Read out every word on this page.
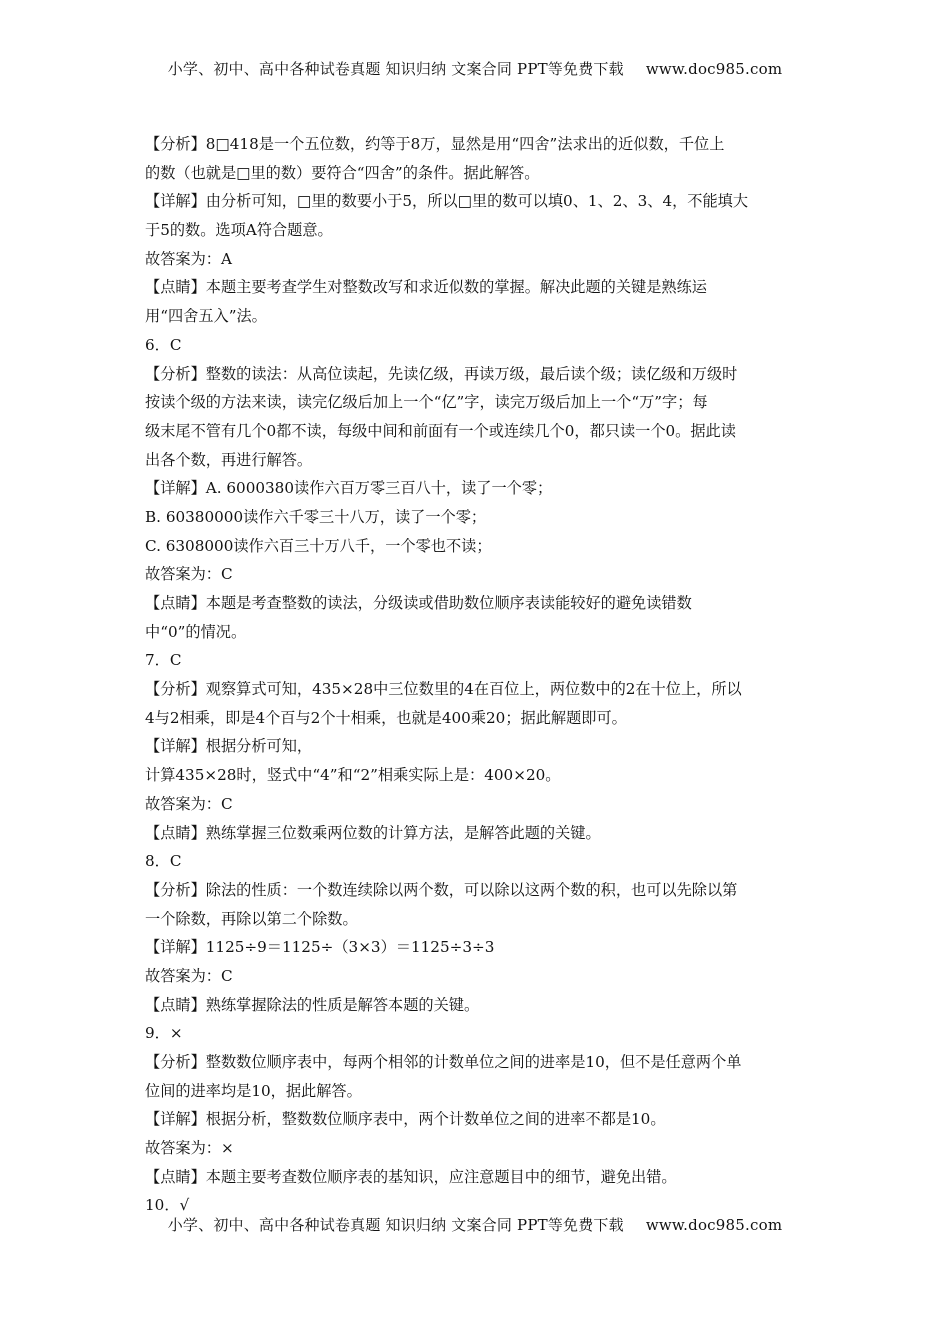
小学、初中、高中各种试卷真题 知识归纳 文案合同 PPT等免费下载 www.doc985.com
【分析】8□418是一个五位数，约等于8万，显然是用“四舍”法求出的近似数，千位上
的数（也就是□里的数）要符合“四舍”的条件。据此解答。
【详解】由分析可知，□里的数要小于5，所以□里的数可以填0、1、2、3、4，不能填大
于5的数。选项A符合题意。
故答案为：A
【点睛】本题主要考查学生对整数改写和求近似数的掌握。解决此题的关键是熟练运
用“四舍五入”法。
6．C
【分析】整数的读法：从高位读起，先读亿级，再读万级，最后读个级；读亿级和万级时
按读个级的方法来读，读完亿级后加上一个“亿”字，读完万级后加上一个“万”字；每
级末尾不管有几个0都不读，每级中间和前面有一个或连续几个0，都只读一个0。据此读
出各个数，再进行解答。
【详解】A. 6000380读作六百万零三百八十，读了一个零；
B. 60380000读作六千零三十八万，读了一个零；
C. 6308000读作六百三十万八千，一个零也不读；
故答案为：C
【点睛】本题是考查整数的读法，分级读或借助数位顺序表读能较好的避免读错数
中“0”的情况。
7．C
【分析】观察算式可知，435×28中三位数里的4在百位上，两位数中的2在十位上，所以
4与2相乘，即是4个百与2个十相乘，也就是400乘20；据此解题即可。
【详解】根据分析可知，
计算435×28时，竖式中“4”和“2”相乘实际上是：400×20。
故答案为：C
【点睛】熟练掌握三位数乘两位数的计算方法，是解答此题的关键。
8．C
【分析】除法的性质：一个数连续除以两个数，可以除以这两个数的积，也可以先除以第
一个除数，再除以第二个除数。
【详解】1125÷9＝1125÷（3×3）＝1125÷3÷3
故答案为：C
【点睛】熟练掌握除法的性质是解答本题的关键。
9．×
【分析】整数数位顺序表中，每两个相邻的计数单位之间的进率是10，但不是任意两个单
位间的进率均是10，据此解答。
【详解】根据分析，整数数位顺序表中，两个计数单位之间的进率不都是10。
故答案为：×
【点睛】本题主要考查数位顺序表的基知识，应注意题目中的细节，避免出错。
10．√
小学、初中、高中各种试卷真题 知识归纳 文案合同 PPT等免费下载 www.doc985.com
